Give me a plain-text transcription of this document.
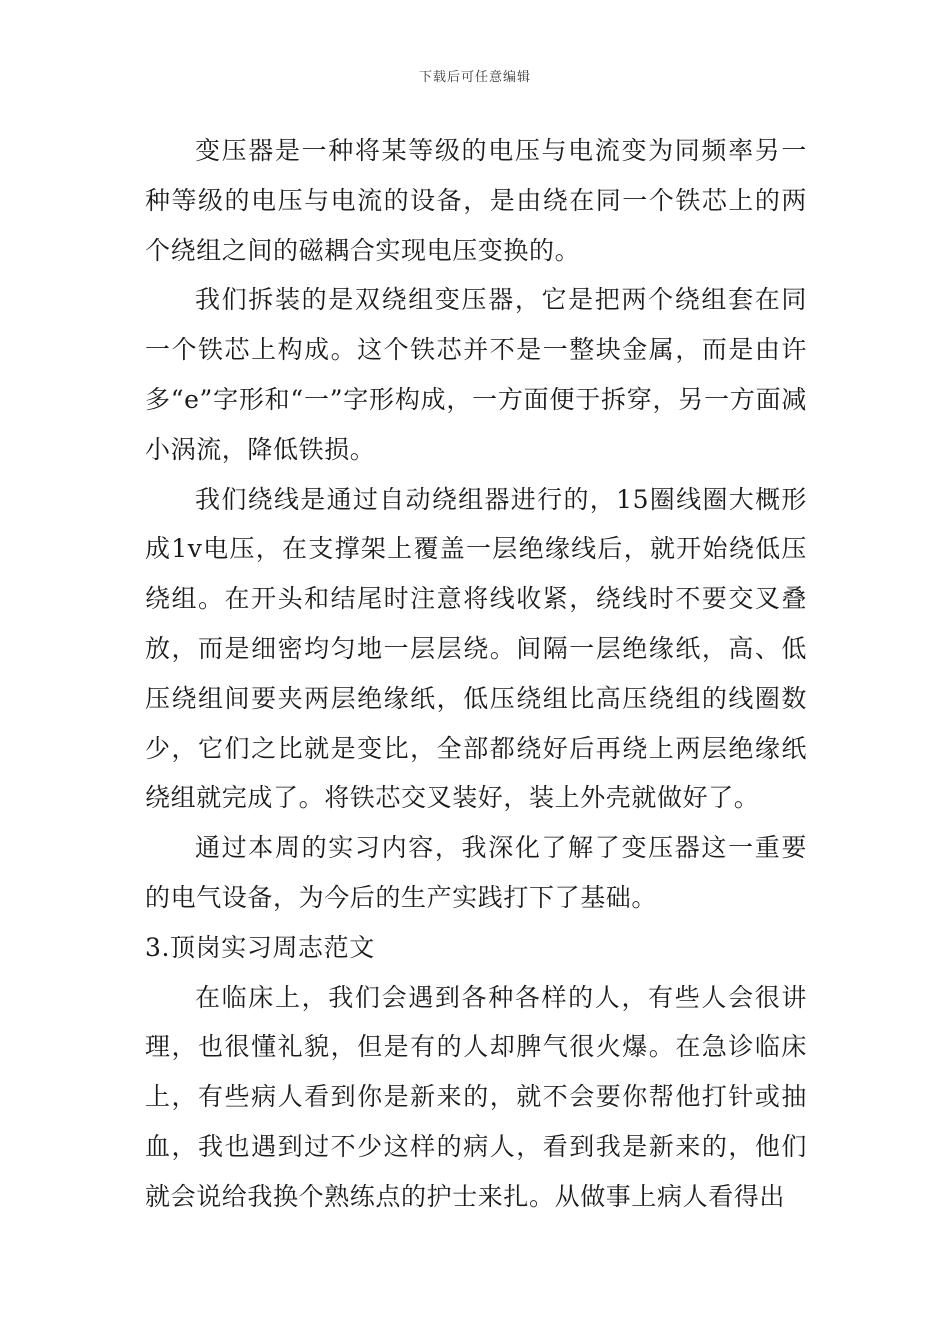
下载后可任意编辑

变压器是一种将某等级的电压与电流变为同频率另一种等级的电压与电流的设备，是由绕在同一个铁芯上的两个绕组之间的磁耦合实现电压变换的。

我们拆装的是双绕组变压器，它是把两个绕组套在同一个铁芯上构成。这个铁芯并不是一整块金属，而是由许多“e”字形和“一”字形构成，一方面便于拆穿，另一方面减小涡流，降低铁损。

我们绕线是通过自动绕组器进行的，15圈线圈大概形成1v电压，在支撑架上覆盖一层绝缘线后，就开始绕低压绕组。在开头和结尾时注意将线收紧，绕线时不要交叉叠放，而是细密均匀地一层层绕。间隔一层绝缘纸，高、低压绕组间要夹两层绝缘纸，低压绕组比高压绕组的线圈数少，它们之比就是变比，全部都绕好后再绕上两层绝缘纸绕组就完成了。将铁芯交叉装好，装上外壳就做好了。

通过本周的实习内容，我深化了解了变压器这一重要的电气设备，为今后的生产实践打下了基础。

3.顶岗实习周志范文

在临床上，我们会遇到各种各样的人，有些人会很讲理，也很懂礼貌，但是有的人却脾气很火爆。在急诊临床上，有些病人看到你是新来的，就不会要你帮他打针或抽血，我也遇到过不少这样的病人，看到我是新来的，他们就会说给我换个熟练点的护士来扎。从做事上病人看得出
